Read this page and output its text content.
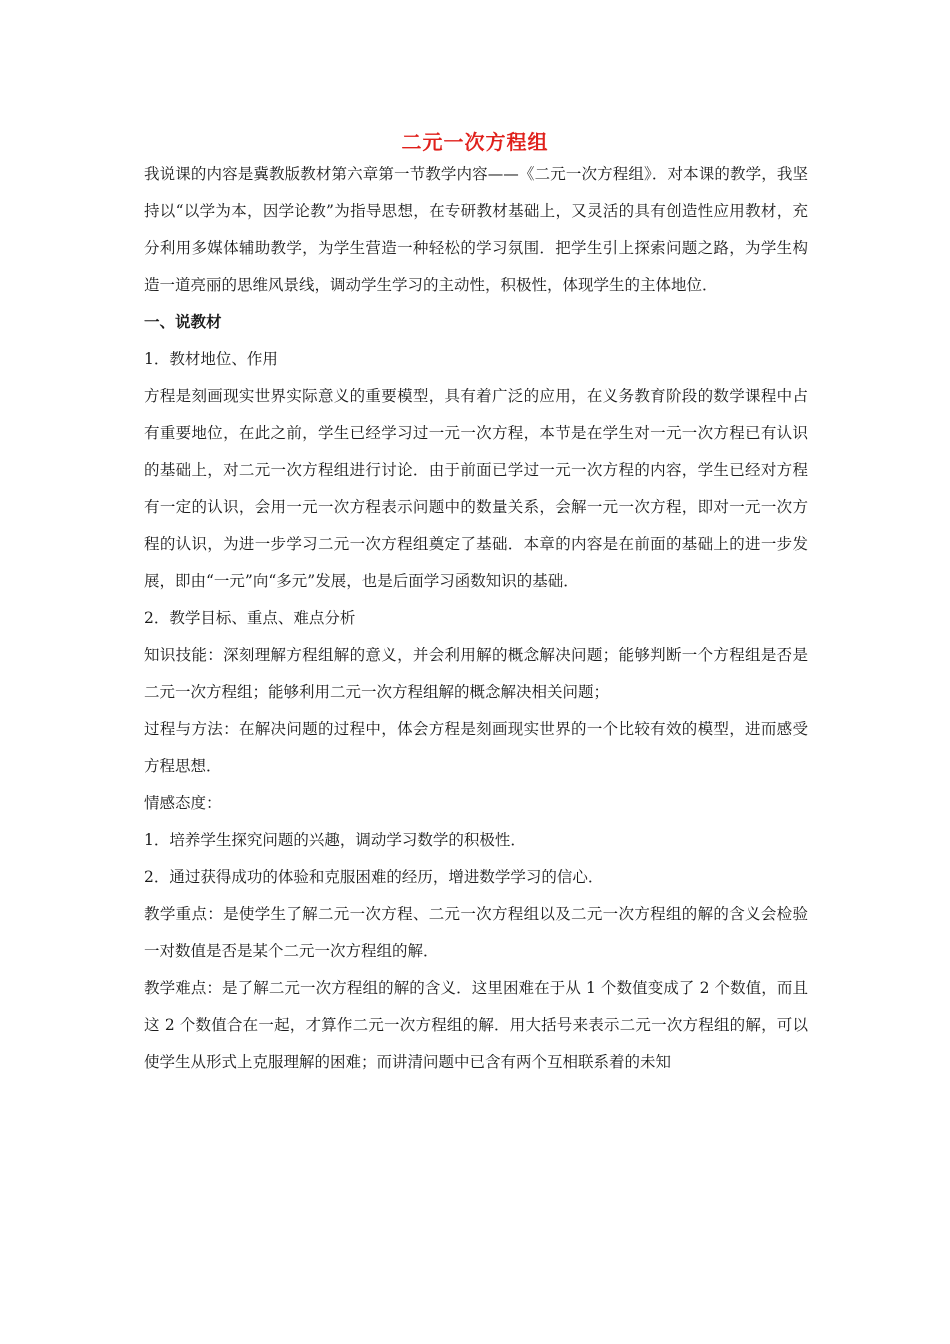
二元一次方程组

我说课的内容是冀教版教材第六章第一节教学内容——《二元一次方程组》．对本课的教学，我坚持以“以学为本，因学论教”为指导思想，在专研教材基础上，又灵活的具有创造性应用教材，充分利用多媒体辅助教学，为学生营造一种轻松的学习氛围．把学生引上探索问题之路，为学生构造一道亮丽的思维风景线，调动学生学习的主动性，积极性，体现学生的主体地位．

一、说教材

1．教材地位、作用

方程是刻画现实世界实际意义的重要模型，具有着广泛的应用，在义务教育阶段的数学课程中占有重要地位，在此之前，学生已经学习过一元一次方程，本节是在学生对一元一次方程已有认识的基础上，对二元一次方程组进行讨论．由于前面已学过一元一次方程的内容，学生已经对方程有一定的认识，会用一元一次方程表示问题中的数量关系，会解一元一次方程，即对一元一次方程的认识，为进一步学习二元一次方程组奠定了基础．本章的内容是在前面的基础上的进一步发展，即由“一元”向“多元”发展，也是后面学习函数知识的基础．

2．教学目标、重点、难点分析

知识技能：深刻理解方程组解的意义，并会利用解的概念解决问题；能够判断一个方程组是否是二元一次方程组；能够利用二元一次方程组解的概念解决相关问题；

过程与方法：在解决问题的过程中，体会方程是刻画现实世界的一个比较有效的模型，进而感受方程思想．

情感态度：

1．培养学生探究问题的兴趣，调动学习数学的积极性．

2．通过获得成功的体验和克服困难的经历，增进数学学习的信心．

教学重点：是使学生了解二元一次方程、二元一次方程组以及二元一次方程组的解的含义会检验一对数值是否是某个二元一次方程组的解．

教学难点：是了解二元一次方程组的解的含义．这里困难在于从 1 个数值变成了 2 个数值，而且这 2 个数值合在一起，才算作二元一次方程组的解．用大括号来表示二元一次方程组的解，可以使学生从形式上克服理解的困难；而讲清问题中已含有两个互相联系着的未知
